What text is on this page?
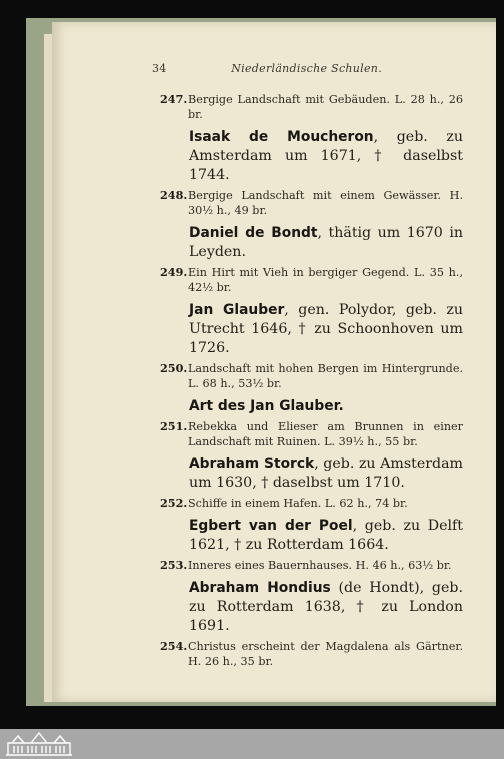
34	Niederländische Schulen.
247. Bergige Landschaft mit Gebäuden. L. 28 h., 26 br.
Isaak de Moucheron, geb. zu Amsterdam um 1671, † daselbst 1744.
248. Bergige Landschaft mit einem Gewässer. H. 30½ h., 49 br.
Daniel de Bondt, thätig um 1670 in Leyden.
249. Ein Hirt mit Vieh in bergiger Gegend. L. 35 h., 42½ br.
Jan Glauber, gen. Polydor, geb. zu Utrecht 1646, † zu Schoonhoven um 1726.
250. Landschaft mit hohen Bergen im Hintergrunde. L. 68 h., 53½ br.
Art des Jan Glauber.
251. Rebekka und Elieser am Brunnen in einer Landschaft mit Ruinen. L. 39½ h., 55 br.
Abraham Storck, geb. zu Amsterdam um 1630, † daselbst um 1710.
252. Schiffe in einem Hafen. L. 62 h., 74 br.
Egbert van der Poel, geb. zu Delft 1621, † zu Rotterdam 1664.
253. Inneres eines Bauernhauses. H. 46 h., 63½ br.
Abraham Hondius (de Hondt), geb. zu Rotterdam 1638, † zu London 1691.
254. Christus erscheint der Magdalena als Gärtner. H. 26 h., 35 br.
